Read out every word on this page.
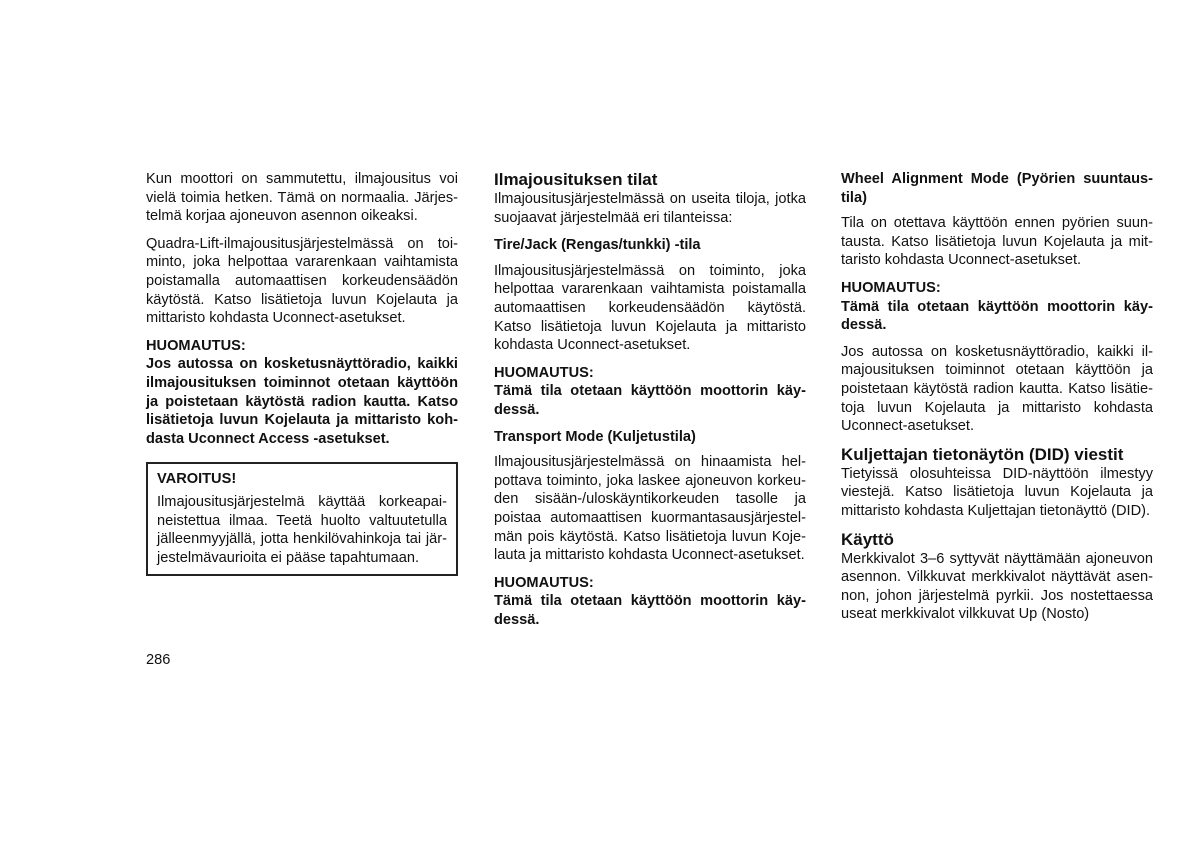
Kun moottori on sammutettu, ilmajousitus voi vielä toimia hetken. Tämä on normaalia. Järjestelmä korjaa ajoneuvon asennon oikeaksi.

Quadra-Lift-ilmajousitusjärjestelmässä on toiminto, joka helpottaa vararenkaan vaihtamista poistamalla automaattisen korkeudensäädön käytöstä. Katso lisätietoja luvun Kojelauta ja mittaristo kohdasta Uconnect-asetukset.

HUOMAUTUS:

Jos autossa on kosketusnäyttöradio, kaikki ilmajousituksen toiminnot otetaan käyttöön ja poistetaan käytöstä radion kautta. Katso lisätietoja luvun Kojelauta ja mittaristo kohdasta Uconnect Access -asetukset.

VAROITUS!

Ilmajousitusjärjestelmä käyttää korkeapaineistettua ilmaa. Teetä huolto valtuutetulla jälleenmyyjällä, jotta henkilövahinkoja tai järjestelmävaurioita ei pääse tapahtumaan.

Ilmajousituksen tilat

Ilmajousitusjärjestelmässä on useita tiloja, jotka suojaavat järjestelmää eri tilanteissa:

Tire/Jack (Rengas/tunkki) -tila

Ilmajousitusjärjestelmässä on toiminto, joka helpottaa vararenkaan vaihtamista poistamalla automaattisen korkeudensäädön käytöstä. Katso lisätietoja luvun Kojelauta ja mittaristo kohdasta Uconnect-asetukset.

HUOMAUTUS:

Tämä tila otetaan käyttöön moottorin käydessä.

Transport Mode (Kuljetustila)

Ilmajousitusjärjestelmässä on hinaamista helpottava toiminto, joka laskee ajoneuvon korkeuden sisään-/uloskäyntikorkeuden tasolle ja poistaa automaattisen kuormantasausjärjestelmän pois käytöstä. Katso lisätietoja luvun Kojelauta ja mittaristo kohdasta Uconnect-asetukset.

HUOMAUTUS:

Tämä tila otetaan käyttöön moottorin käydessä.

Wheel Alignment Mode (Pyörien suuntaustila)

Tila on otettava käyttöön ennen pyörien suuntausta. Katso lisätietoja luvun Kojelauta ja mittaristo kohdasta Uconnect-asetukset.

HUOMAUTUS:

Tämä tila otetaan käyttöön moottorin käydessä.

Jos autossa on kosketusnäyttöradio, kaikki ilmajousituksen toiminnot otetaan käyttöön ja poistetaan käytöstä radion kautta. Katso lisätietoja luvun Kojelauta ja mittaristo kohdasta Uconnect-asetukset.

Kuljettajan tietonäytön (DID) viestit

Tietyissä olosuhteissa DID-näyttöön ilmestyy viestejä. Katso lisätietoja luvun Kojelauta ja mittaristo kohdasta Kuljettajan tietonäyttö (DID).

Käyttö

Merkkivalot 3–6 syttyvät näyttämään ajoneuvon asennon. Vilkkuvat merkkivalot näyttävät asennon, johon järjestelmä pyrkii. Jos nostettaessa useat merkkivalot vilkkuvat Up (Nosto)

286
